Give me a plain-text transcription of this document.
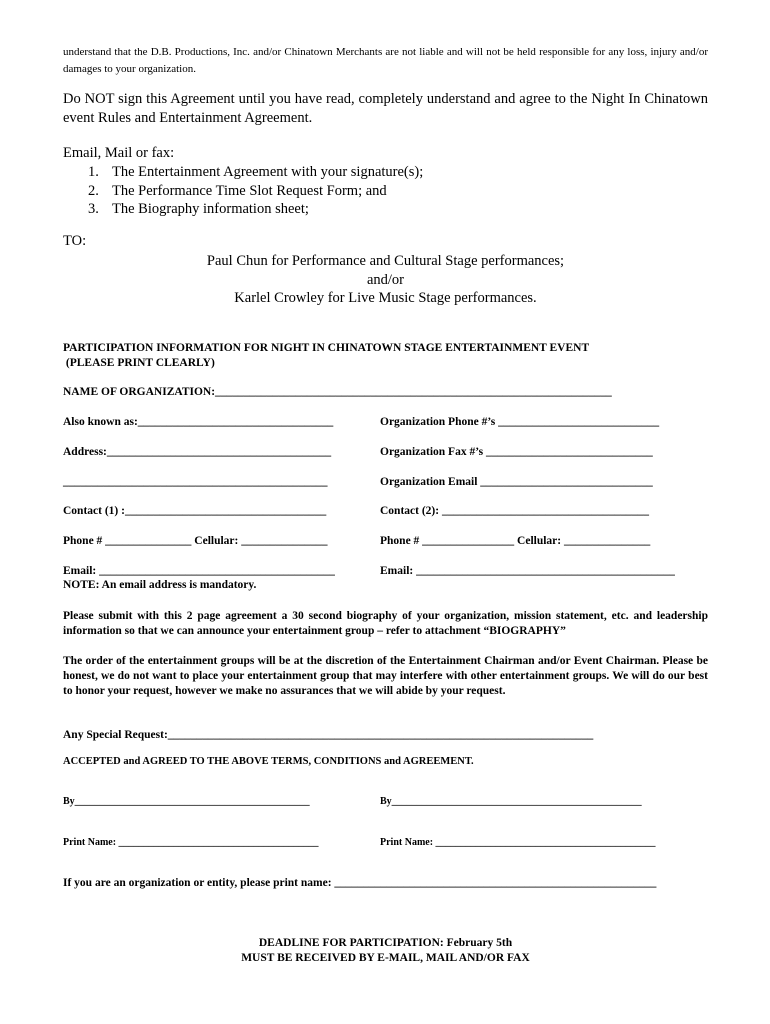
understand that the D.B. Productions, Inc. and/or Chinatown Merchants are not liable and will not be held responsible for any loss, injury and/or damages to your organization.
Do NOT sign this Agreement until you have read, completely understand and agree to the Night In Chinatown event Rules and Entertainment Agreement.
Email, Mail or fax:
1. The Entertainment Agreement with your signature(s);
2. The Performance Time Slot Request Form; and
3. The Biography information sheet;
TO:
Paul Chun for Performance and Cultural Stage performances;
and/or
Karlel Crowley for Live Music Stage performances.
PARTICIPATION INFORMATION FOR NIGHT IN CHINATOWN STAGE ENTERTAINMENT EVENT
(PLEASE PRINT CLEARLY)
NAME OF ORGANIZATION:_____________________________________________________________________
Also known as:__________________________________	Organization Phone #’s ____________________________
Address:_______________________________________	Organization Fax #’s _____________________________
______________________________________________	Organization Email ______________________________
Contact (1) :___________________________________	Contact (2): ____________________________________
Phone # _______________ Cellular: _______________	Phone # ________________ Cellular: _______________
Email: _________________________________________	Email: _____________________________________________
NOTE: An email address is mandatory.
Please submit with this 2 page agreement a 30 second biography of your organization, mission statement, etc. and leadership information so that we can announce your entertainment group – refer to attachment “BIOGRAPHY”
The order of the entertainment groups will be at the discretion of the Entertainment Chairman and/or Event Chairman. Please be honest, we do not want to place your entertainment group that may interfere with other entertainment groups. We will do our best to honor your request, however we make no assurances that we will abide by your request.
Any Special Request:__________________________________________________________________________
ACCEPTED and AGREED TO THE ABOVE TERMS, CONDITIONS and AGREEMENT.
By_______________________________________________	By__________________________________________________
Print Name: ________________________________________	Print Name: ____________________________________________
If you are an organization or entity, please print name: ________________________________________________________
DEADLINE FOR PARTICIPATION: February 5th
MUST BE RECEIVED BY E-MAIL, MAIL AND/OR FAX
